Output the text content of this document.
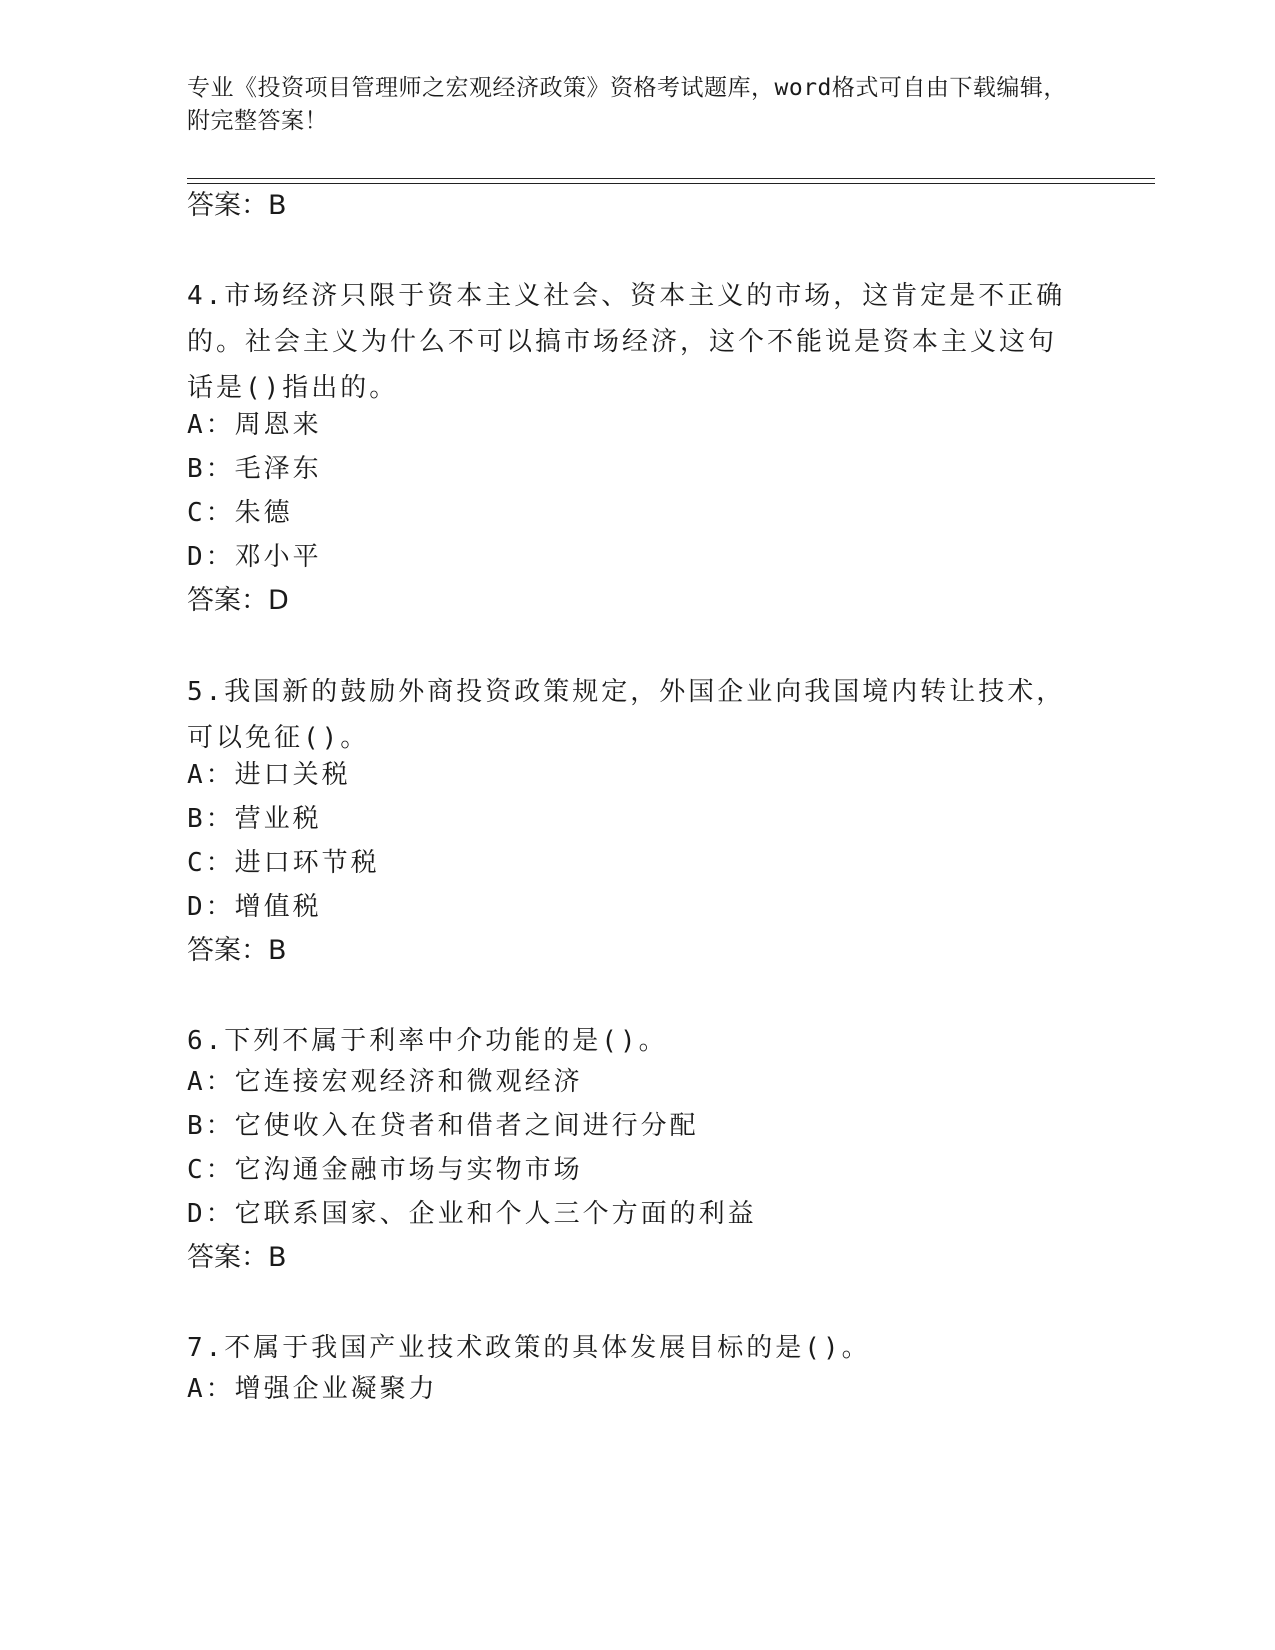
专业《投资项目管理师之宏观经济政策》资格考试题库，word格式可自由下载编辑，附完整答案！
答案：B
4.市场经济只限于资本主义社会、资本主义的市场，这肯定是不正确的。社会主义为什么不可以搞市场经济，这个不能说是资本主义这句话是()指出的。
A：周恩来
B：毛泽东
C：朱德
D：邓小平
答案：D
5.我国新的鼓励外商投资政策规定，外国企业向我国境内转让技术，可以免征()。
A：进口关税
B：营业税
C：进口环节税
D：增值税
答案：B
6.下列不属于利率中介功能的是()。
A：它连接宏观经济和微观经济
B：它使收入在贷者和借者之间进行分配
C：它沟通金融市场与实物市场
D：它联系国家、企业和个人三个方面的利益
答案：B
7.不属于我国产业技术政策的具体发展目标的是()。
A：增强企业凝聚力
